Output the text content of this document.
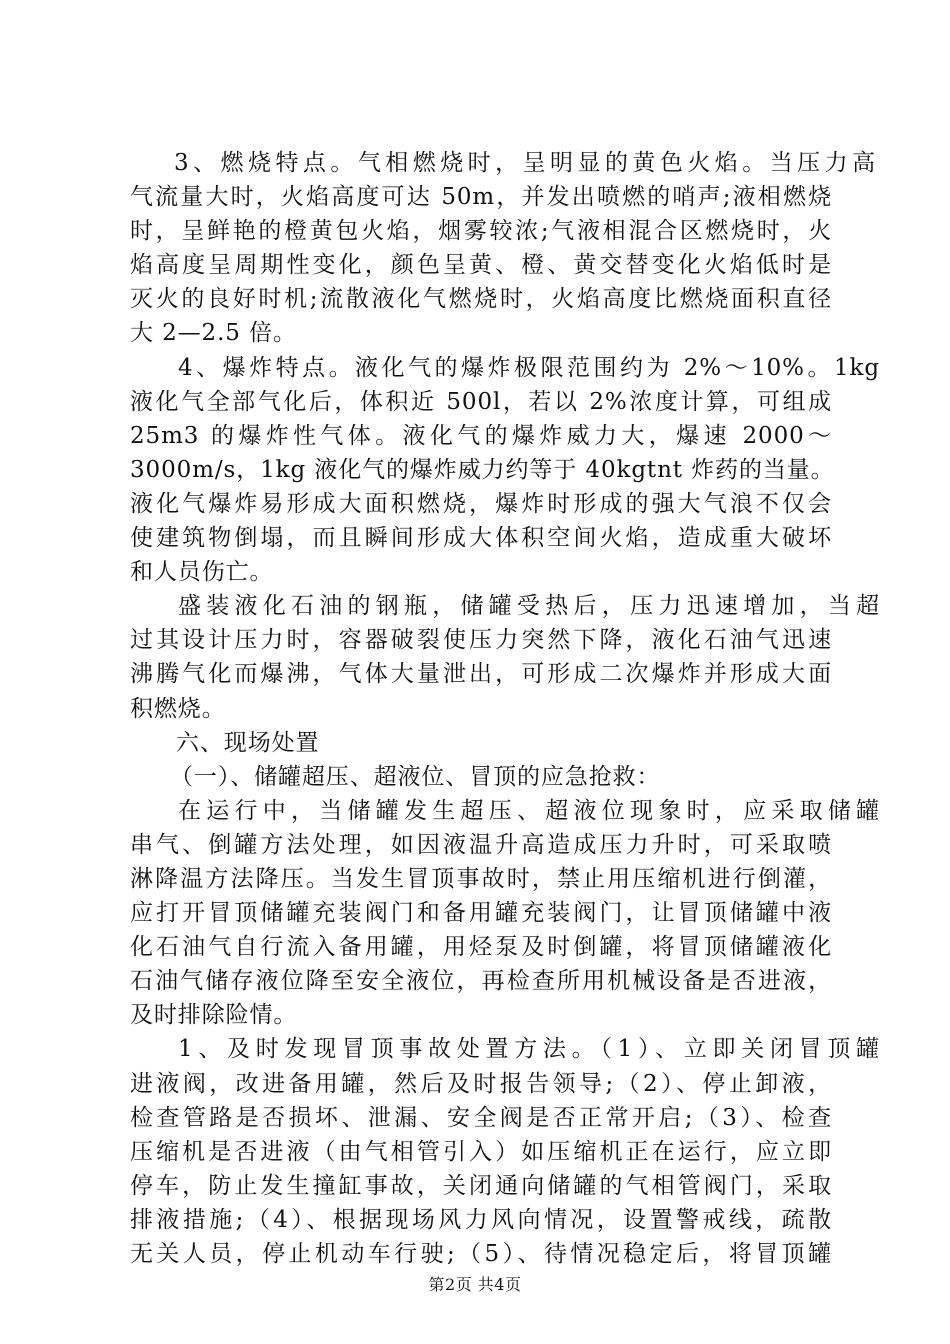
3、燃烧特点。气相燃烧时，呈明显的黄色火焰。当压力高
气流量大时，火焰高度可达 50m，并发出喷燃的哨声;液相燃烧
时，呈鲜艳的橙黄包火焰，烟雾较浓;气液相混合区燃烧时，火
焰高度呈周期性变化，颜色呈黄、橙、黄交替变化火焰低时是
灭火的良好时机;流散液化气燃烧时，火焰高度比燃烧面积直径
大 2—2.5 倍。
4、爆炸特点。液化气的爆炸极限范围约为 2%～10%。1kg
液化气全部气化后，体积近 500l，若以 2%浓度计算，可组成
25m3 的爆炸性气体。液化气的爆炸威力大，爆速 2000～
3000m/s，1kg 液化气的爆炸威力约等于 40kgtnt 炸药的当量。
液化气爆炸易形成大面积燃烧，爆炸时形成的强大气浪不仅会
使建筑物倒塌，而且瞬间形成大体积空间火焰，造成重大破坏
和人员伤亡。
盛装液化石油的钢瓶，储罐受热后，压力迅速增加，当超
过其设计压力时，容器破裂使压力突然下降，液化石油气迅速
沸腾气化而爆沸，气体大量泄出，可形成二次爆炸并形成大面
积燃烧。
六、现场处置
（一）、储罐超压、超液位、冒顶的应急抢救：
在运行中，当储罐发生超压、超液位现象时，应采取储罐
串气、倒罐方法处理，如因液温升高造成压力升时，可采取喷
淋降温方法降压。当发生冒顶事故时，禁止用压缩机进行倒灌，
应打开冒顶储罐充装阀门和备用罐充装阀门，让冒顶储罐中液
化石油气自行流入备用罐，用烃泵及时倒罐，将冒顶储罐液化
石油气储存液位降至安全液位，再检查所用机械设备是否进液，
及时排除险情。
1、及时发现冒顶事故处置方法。（1）、立即关闭冒顶罐
进液阀，改进备用罐，然后及时报告领导;（2）、停止卸液，
检查管路是否损坏、泄漏、安全阀是否正常开启;（3）、检查
压缩机是否进液（由气相管引入）如压缩机正在运行，应立即
停车，防止发生撞缸事故，关闭通向储罐的气相管阀门，采取
排液措施;（4）、根据现场风力风向情况，设置警戒线，疏散
无关人员，停止机动车行驶;（5）、待情况稳定后，将冒顶罐
第2页 共4页
